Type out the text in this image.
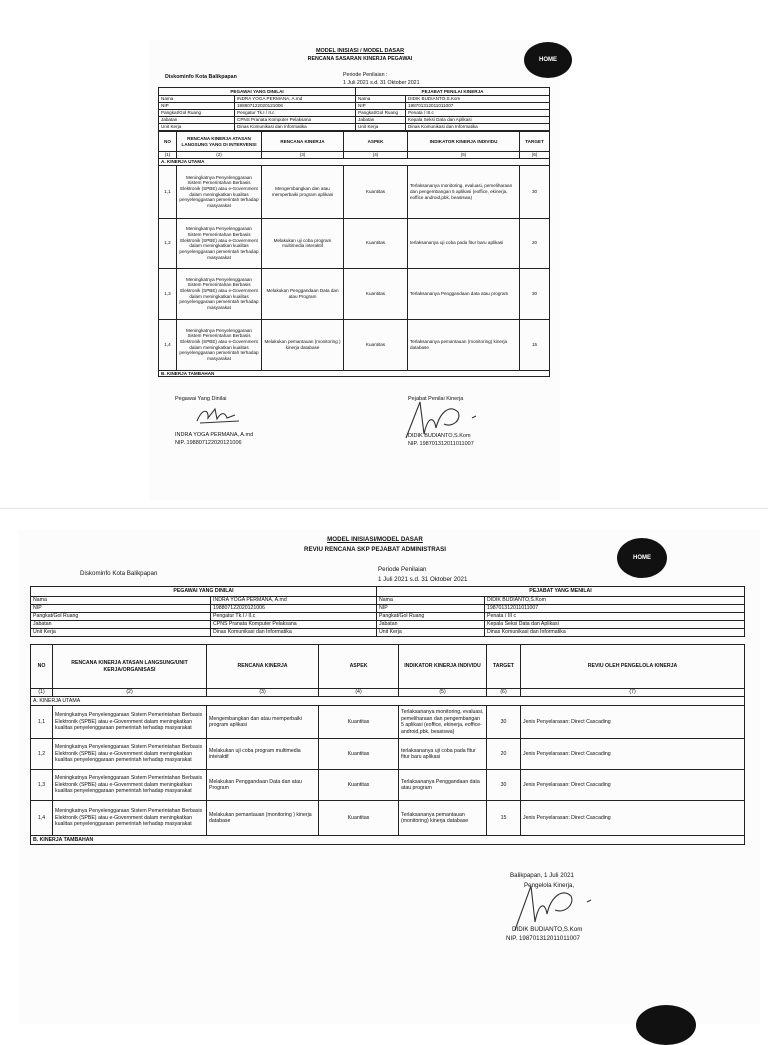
HOME
MODEL INISIASI / MODEL DASAR
RENCANA SASARAN KINERJA PEGAWAI
Diskominfo Kota Balikpapan	Periode Penilaian :
1 Juli 2021 s.d. 31 Oktober 2021
PEGAWAI YANG DINILAI		PEJABAT PENILAI KINERJA	
Nama	INDRA YOGA PERMANA, A.md	Nama	DIDIK BUDIANTO,S.Kom
NIP	198807122020121006	NIP	198701312011011007
Pangkat/Gol Ruang	Pengatur Tk.I / II.c	Pangkat/Gol Ruang	Penata / III.c
Jabatan	CPNS Pranata Komputer Pelaksana	Jabatan	Kepala Seksi Data dan Aplikasi
Unit Kerja	Dinas Komunikasi dan Informatika	Unit Kerja	Dinas Komunikasi dan Informatika
NO	RENCANA KINERJA ATASAN LANGSUNG YANG DI INTERVENSI	RENCANA KINERJA	ASPEK	INDIKATOR KINERJA INDIVIDU	TARGET
(1)	(2)	(3)	(4)	(5)	(6)
A. KINERJA UTAMA					
1,1	Meningkatnya Penyelenggaraan Sistem Pemerintahan Berbasis Elektronik (SPBE) atau e-Government dalam meningkatkan kualitas penyelenggaraan pemerintah terhadap masyarakat	Mengembangkan dan atau memperbaiki program aplikasi	Kuantitas	Terlaksananya monitoring, evaluasi, pemeliharaan dan pengembangan 5 aplikasi (eoffice, ekinerja, eoffice android,pbk, beasiswa)	30
1,2	Meningkatnya Penyelenggaraan Sistem Pemerintahan Berbasis Elektronik (SPBE) atau e-Government dalam meningkatkan kualitas penyelenggaraan pemerintah terhadap masyarakat	Melakukan uji coba program multimedia interaktif	Kuantitas	terlaksananya uji coba pada fitur baru aplikasi	20
1,3	Meningkatnya Penyelenggaraan Sistem Pemerintahan Berbasis Elektronik (SPBE) atau e-Government dalam meningkatkan kualitas penyelenggaraan pemerintah terhadap masyarakat	Melakukan Penggandaan Data dan atau Program	Kuantitas	Terlaksananya Penggandaan data atau program	30
1,4	Meningkatnya Penyelenggaraan Sistem Pemerintahan Berbasis Elektronik (SPBE) atau e-Government dalam meningkatkan kualitas penyelenggaraan pemerintah terhadap masyarakat	Melakukan pemantauan (monitoring ) kinerja database	Kuantitas	Terlaksananya pemantauan (monitoring) kinerja database	15
B. KINERJA TAMBAHAN					
Pegawai Yang Dinilai
INDRA YOGA PERMANA, A.md
NIP. 198807122020121006
Pejabat Penilai Kinerja
DIDIK BUDIANTO,S.Kom
NIP. 198701312011011007
HOME
MODEL INISIASI/MODEL DASAR
REVIU RENCANA SKP PEJABAT ADMINISTRASI
Diskominfo Kota Balikpapan
Periode Penilaian
1 Juli 2021 s.d. 31 Oktober 2021
PEGAWAI YANG DINILAI		PEJABAT YANG MENILAI	
Nama	INDRA YOGA PERMANA, A.md	Nama	DIDIK BUDIANTO,S.Kom
NIP	198807122020121006	NIP	198701312011011007
Pangkat/Gol Ruang	Pengatur Tk.I / II.c	Pangkat/Gol Ruang	Penata / III c
Jabatan	CPNS Pranata Komputer Pelaksana	Jabatan	Kepala Seksi Data dan Aplikasi
Unit Kerja	Dinas Komunikasi dan Informatika	Unit Kerja	Dinas Komunikasi dan Informatika
NO	RENCANA KINERJA ATASAN LANGSUNG/UNIT KERJA/ORGANISASI	RENCANA KINERJA	ASPEK	INDIKATOR KINERJA INDIVIDU	TARGET	REVIU OLEH PENGELOLA KINERJA
(1)	(2)	(3)	(4)	(5)	(6)	(7)
A. KINERJA UTAMA						
1,1	Meningkatnya Penyelenggaraan Sistem Pemerintahan Berbasis Elektronik (SPBE) atau e-Government dalam meningkatkan kualitas penyelenggaraan pemerintah terhadap masyarakat	Mengembangkan dan atau memperbaiki program aplikasi	Kuantitas	Terlaksananya monitoring, evaluasi, pemeliharaan dan pengembangan 5 aplikasi (eoffice, ekinerja, eoffice-android,pbk, beasiswa)	30	Jenis Penyelarasan: Direct Cascading
1,2	Meningkatnya Penyelenggaraan Sistem Pemerintahan Berbasis Elektronik (SPBE) atau e-Government dalam meningkatkan kualitas penyelenggaraan pemerintah terhadap masyarakat	Melakukan uji coba program multimedia interaktif	Kuantitas	terlaksananya uji coba pada fitur fitur baru aplikasi	20	Jenis Penyelarasan: Direct Cascading
1,3	Meningkatnya Penyelenggaraan Sistem Pemerintahan Berbasis Elektronik (SPBE) atau e-Government dalam meningkatkan kualitas penyelenggaraan pemerintah terhadap masyarakat	Melakukan Penggandaan Data dan atau Program	Kuantitas	Terlaksananya Penggandaan data atau program	30	Jenis Penyelarasan: Direct Cascading
1,4	Meningkatnya Penyelenggaraan Sistem Pemerintahan Berbasis Elektronik (SPBE) atau e-Government dalam meningkatkan kualitas penyelenggaraan pemerintah terhadap masyarakat	Melakukan pemantauan (monitoring ) kinerja database	Kuantitas	Terlaksananya pemantauan (monitoring) kinerja database	15	Jenis Penyelarasan: Direct Cascading
B. KINERJA TAMBAHAN						
Balikpapan, 1 Juli 2021
Pengelola Kinerja,
DIDIK BUDIANTO,S.Kom
NIP. 198701312011011007
